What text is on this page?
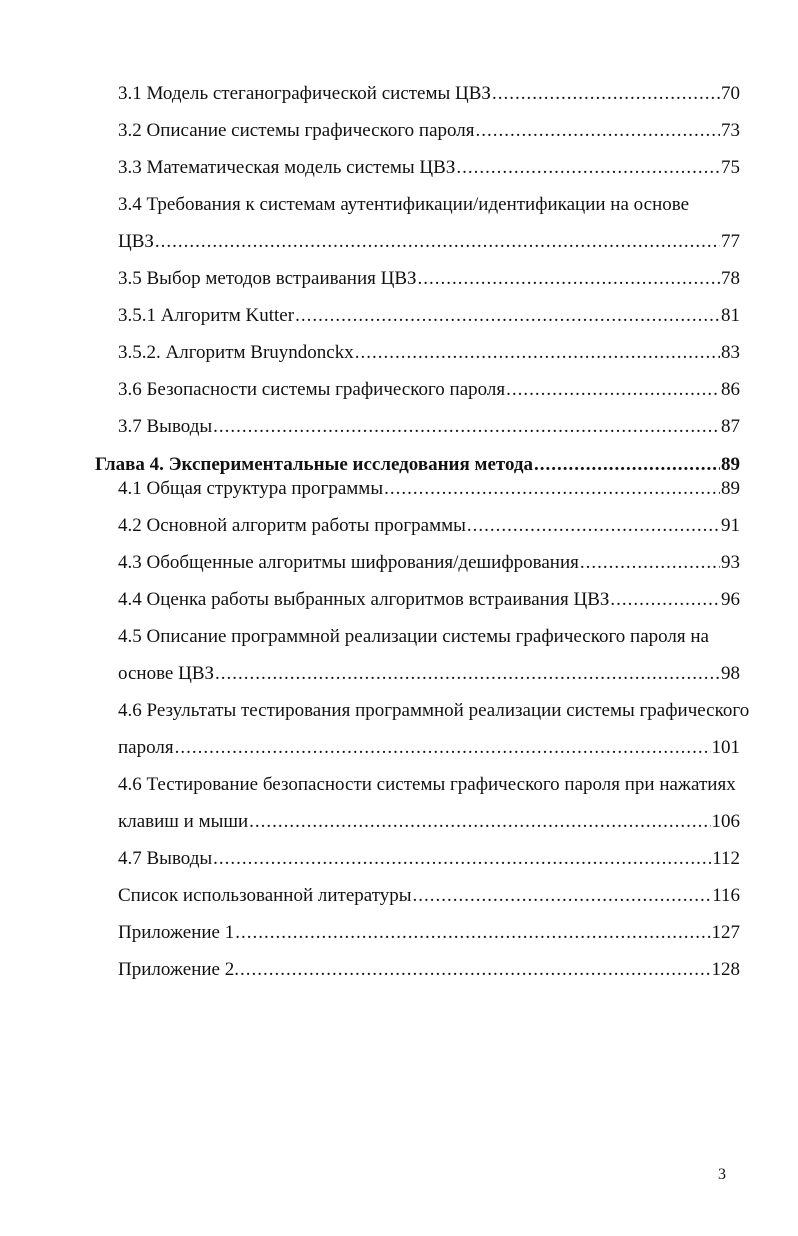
3.1 Модель стеганографической системы ЦВЗ .....	70
3.2 Описание системы графического пароля .....	73
3.3 Математическая модель системы ЦВЗ .....	75
3.4 Требования к системам аутентификации/идентификации на основе
ЦВЗ .....	77
3.5 Выбор методов встраивания ЦВЗ .....	78
3.5.1 Алгоритм Kutter .....	81
3.5.2. Алгоритм Bruyndonckx .....	83
3.6 Безопасности системы графического пароля .....	86
3.7 Выводы .....	87
Глава 4. Экспериментальные исследования метода .....	89
4.1 Общая структура программы .....	89
4.2 Основной алгоритм работы программы .....	91
4.3 Обобщенные алгоритмы шифрования/дешифрования .....	93
4.4 Оценка работы выбранных алгоритмов встраивания ЦВЗ .....	96
4.5 Описание программной реализации системы графического пароля на
основе ЦВЗ .....	98
4.6 Результаты тестирования программной реализации системы графического
пароля .....	101
4.6 Тестирование безопасности системы графического пароля при нажатиях
клавиш и мыши .....	106
4.7 Выводы .....	112
Список использованной литературы .....	116
Приложение 1 .....	127
Приложение 2. .....	128
3
